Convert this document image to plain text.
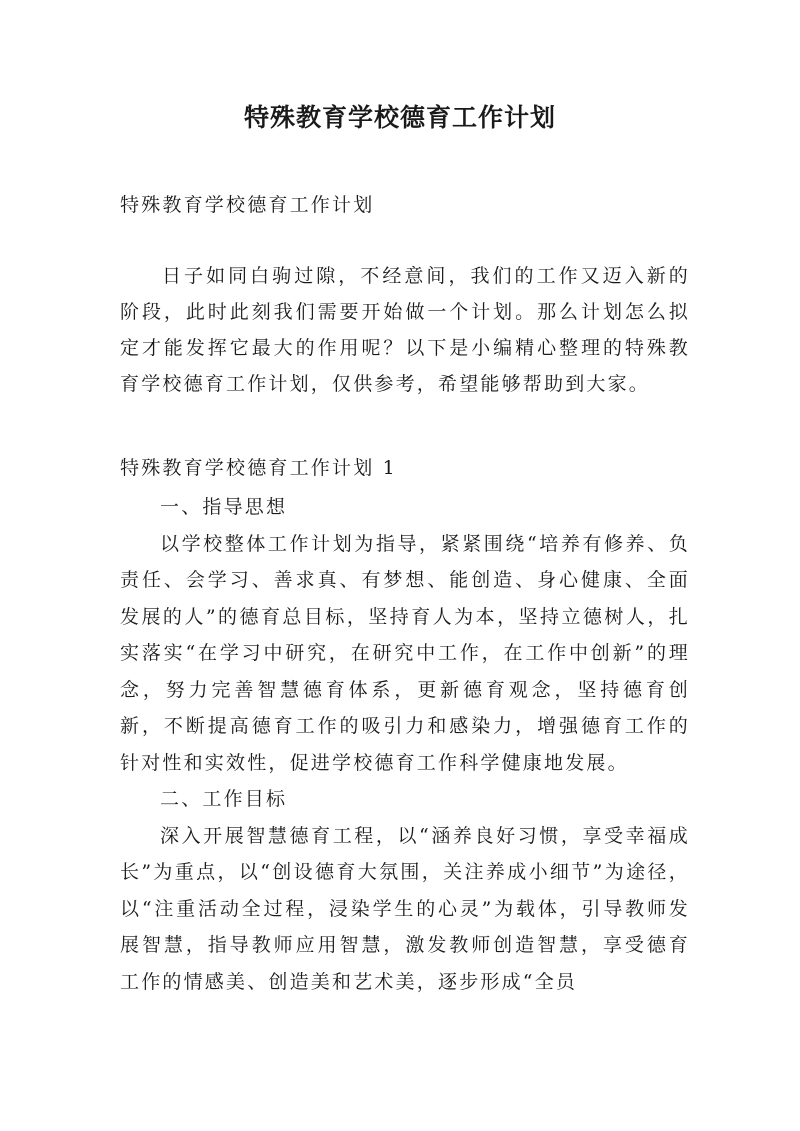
特殊教育学校德育工作计划

特殊教育学校德育工作计划

日子如同白驹过隙，不经意间，我们的工作又迈入新的阶段，此时此刻我们需要开始做一个计划。那么计划怎么拟定才能发挥它最大的作用呢？以下是小编精心整理的特殊教育学校德育工作计划，仅供参考，希望能够帮助到大家。

特殊教育学校德育工作计划 1

一、指导思想

以学校整体工作计划为指导，紧紧围绕“培养有修养、负责任、会学习、善求真、有梦想、能创造、身心健康、全面发展的人”的德育总目标，坚持育人为本，坚持立德树人，扎实落实“在学习中研究，在研究中工作，在工作中创新”的理念，努力完善智慧德育体系，更新德育观念，坚持德育创新，不断提高德育工作的吸引力和感染力，增强德育工作的针对性和实效性，促进学校德育工作科学健康地发展。

二、工作目标

深入开展智慧德育工程，以“涵养良好习惯，享受幸福成长”为重点，以“创设德育大氛围，关注养成小细节”为途径，以“注重活动全过程，浸染学生的心灵”为载体，引导教师发展智慧，指导教师应用智慧，激发教师创造智慧，享受德育工作的情感美、创造美和艺术美，逐步形成“全员
